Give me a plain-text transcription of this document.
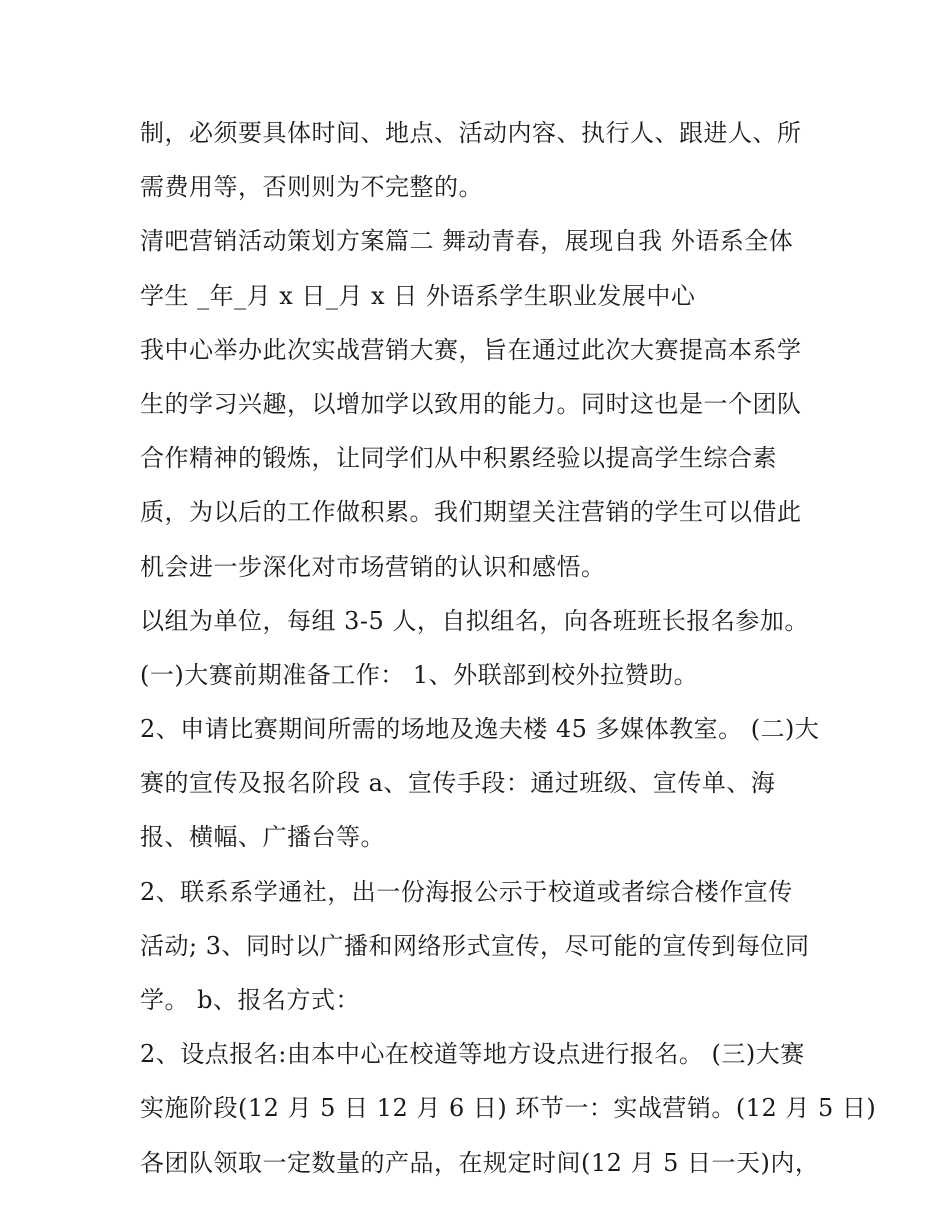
制，必须要具体时间、地点、活动内容、执行人、跟进人、所
需费用等，否则则为不完整的。
清吧营销活动策划方案篇二 舞动青春，展现自我 外语系全体
学生 _年_月 x 日_月 x 日 外语系学生职业发展中心
我中心举办此次实战营销大赛，旨在通过此次大赛提高本系学
生的学习兴趣，以增加学以致用的能力。同时这也是一个团队
合作精神的锻炼，让同学们从中积累经验以提高学生综合素
质，为以后的工作做积累。我们期望关注营销的学生可以借此
机会进一步深化对市场营销的认识和感悟。
以组为单位，每组 3-5 人，自拟组名，向各班班长报名参加。
(一)大赛前期准备工作： 1、外联部到校外拉赞助。
2、申请比赛期间所需的场地及逸夫楼 45 多媒体教室。 (二)大
赛的宣传及报名阶段 a、宣传手段：通过班级、宣传单、海
报、横幅、广播台等。
2、联系系学通社，出一份海报公示于校道或者综合楼作宣传
活动; 3、同时以广播和网络形式宣传，尽可能的宣传到每位同
学。 b、报名方式：
2、设点报名:由本中心在校道等地方设点进行报名。 (三)大赛
实施阶段(12 月 5 日 12 月 6 日) 环节一：实战营销。(12 月 5 日)
各团队领取一定数量的产品，在规定时间(12 月 5 日一天)内，
